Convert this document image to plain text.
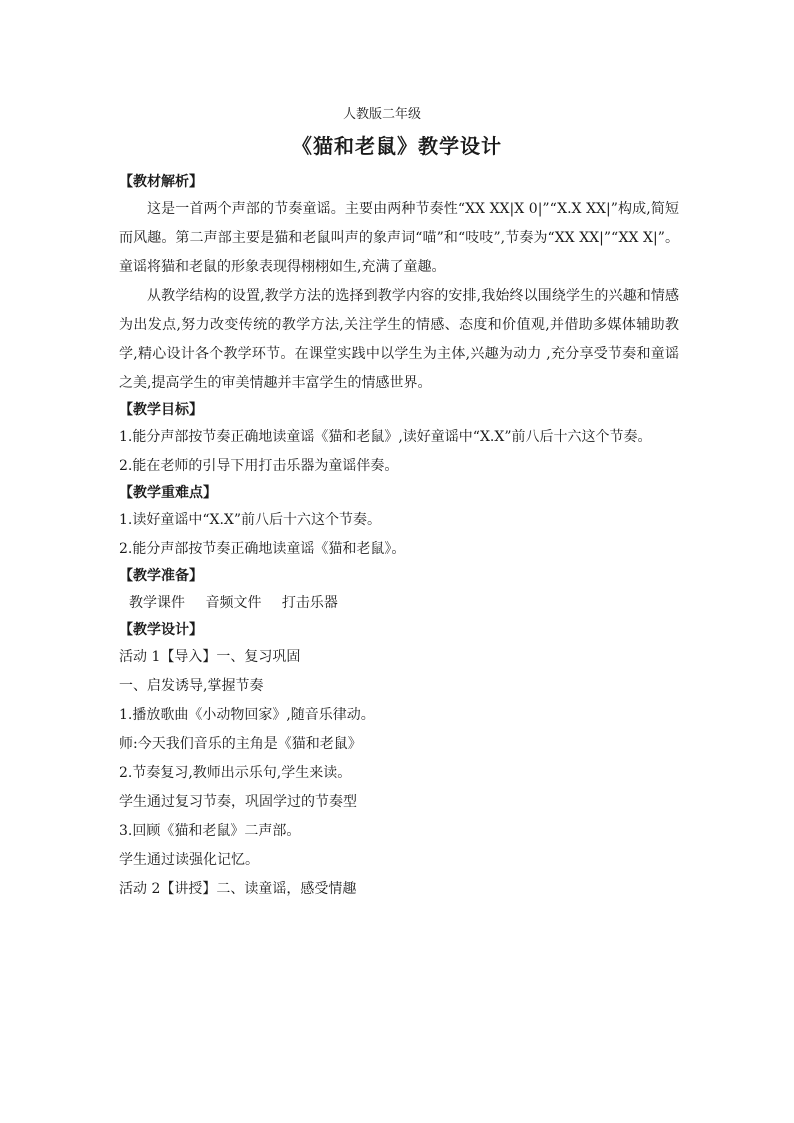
人教版二年级
《猫和老鼠》教学设计
【教材解析】

这是一首两个声部的节奏童谣。主要由两种节奏性“XX XX|X 0|”“X.X XX|”构成,简短而风趣。第二声部主要是猫和老鼠叫声的象声词“喵”和“吱吱”,节奏为“XX XX|”“XX X|”。童谣将猫和老鼠的形象表现得栩栩如生,充满了童趣。

从教学结构的设置,教学方法的选择到教学内容的安排,我始终以围绕学生的兴趣和情感为出发点,努力改变传统的教学方法,关注学生的情感、态度和价值观,并借助多媒体辅助教学,精心设计各个教学环节。在课堂实践中以学生为主体,兴趣为动力 ,充分享受节奏和童谣之美,提高学生的审美情趣并丰富学生的情感世界。

【教学目标】

1.能分声部按节奏正确地读童谣《猫和老鼠》,读好童谣中“X.X”前八后十六这个节奏。

2.能在老师的引导下用打击乐器为童谣伴奏。

【教学重难点】

1.读好童谣中“X.X”前八后十六这个节奏。

2.能分声部按节奏正确地读童谣《猫和老鼠》。

【教学准备】

教学课件 音频文件 打击乐器

【教学设计】

活动 1【导入】一、复习巩固

一、启发诱导,掌握节奏

1.播放歌曲《小动物回家》,随音乐律动。

师:今天我们音乐的主角是《猫和老鼠》

2.节奏复习,教师出示乐句,学生来读。

学生通过复习节奏，巩固学过的节奏型

3.回顾《猫和老鼠》二声部。

学生通过读强化记忆。

活动 2【讲授】二、读童谣，感受情趣
